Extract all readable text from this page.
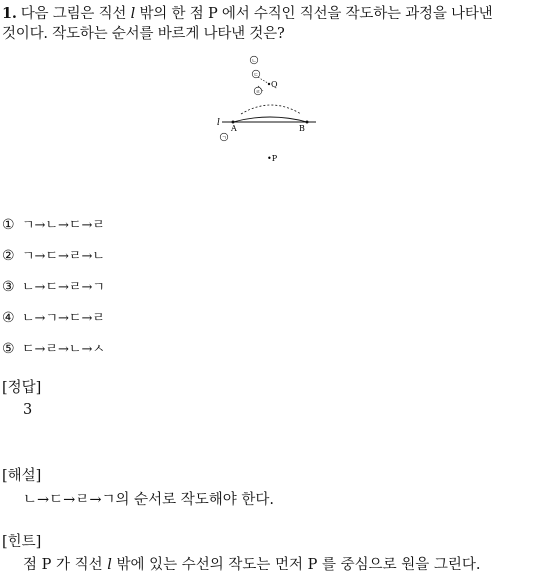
1. 다음 그림은 직선 l 밖의 한 점 P 에서 수직인 직선을 작도하는 과정을 나타낸
것이다. 작도하는 순서를 바르게 나타낸 것은?
l
A	B
ㄱ
ㄴ
ㄷ
Q
ㄹ
•P
① ㄱ→ㄴ→ㄷ→ㄹ
② ㄱ→ㄷ→ㄹ→ㄴ
③ ㄴ→ㄷ→ㄹ→ㄱ
④ ㄴ→ㄱ→ㄷ→ㄹ
⑤ ㄷ→ㄹ→ㄴ→ㅅ
[정답]
3
[해설]
ㄴ→ㄷ→ㄹ→ㄱ의 순서로 작도해야 한다.
[힌트]
점 P 가 직선 l 밖에 있는 수선의 작도는 먼저 P 를 중심으로 원을 그린다.
